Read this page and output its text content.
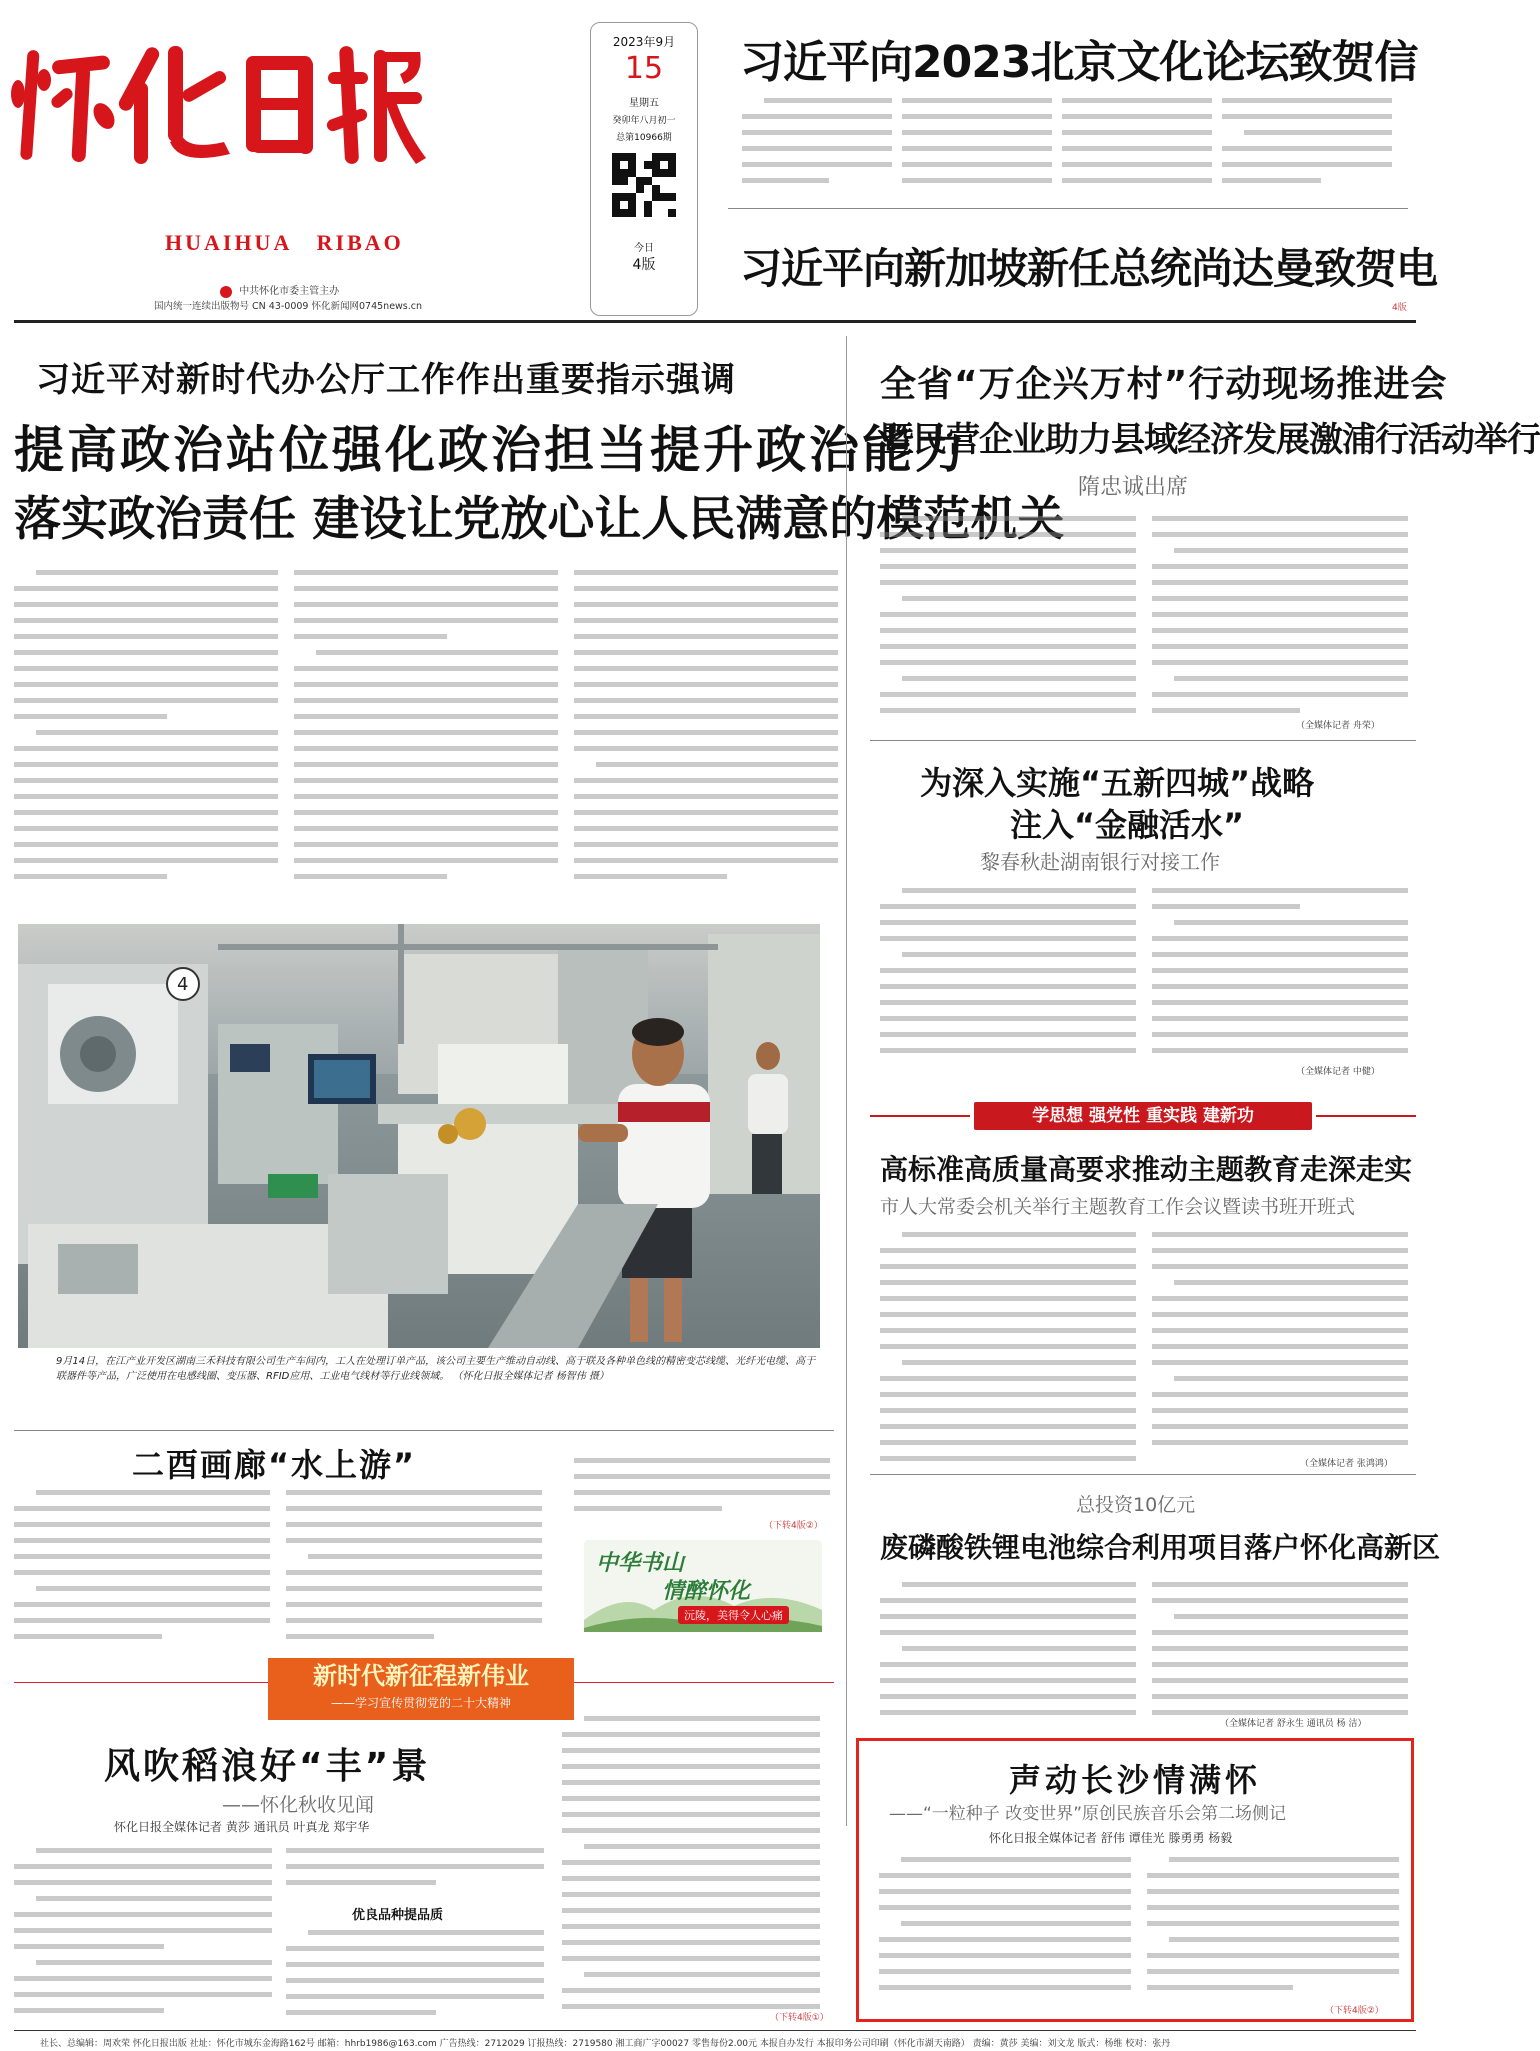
HUAIHUA   RIBAO
中共怀化市委主管主办
国内统一连续出版物号 CN 43-0009 怀化新闻网0745news.cn
2023年9月
15
星期五
癸卯年八月初一
总第10966期
今日
4版
习近平向2023北京文化论坛致贺信
习近平向新加坡新任总统尚达曼致贺电
4版
习近平对新时代办公厅工作作出重要指示强调
提高政治站位强化政治担当提升政治能力
落实政治责任 建设让党放心让人民满意的模范机关
4
9月14日，在江产业开发区湖南三禾科技有限公司生产车间内，工人在处理订单产品，该公司主要生产维动自动线、高于联及各种单色线的精密变芯线缆、光纤光电缆、高于联器件等产品，广泛使用在电感线圈、变压器、RFID应用、工业电气线材等行业线领域。 （怀化日报全媒体记者 杨智伟 摄）
全省“万企兴万村”行动现场推进会
暨民营企业助力县域经济发展激浦行活动举行
隋忠诚出席
（全媒体记者 舟荣）
为深入实施“五新四城”战略
注入“金融活水”
黎春秋赴湖南银行对接工作
（全媒体记者 中健）
学思想 强党性 重实践 建新功
高标准高质量高要求推动主题教育走深走实
市人大常委会机关举行主题教育工作会议暨读书班开班式
（全媒体记者 张鸿鸿）
二酉画廊“水上游”
（下转4版②）
中华书山
情醉怀化
沅陵，美得令人心痛
新时代新征程新伟业
——学习宣传贯彻党的二十大精神
风吹稻浪好“丰”景
——怀化秋收见闻
怀化日报全媒体记者 黄莎 通讯员 叶真龙 郑宇华
优良品种提品质
（下转4版①）
总投资10亿元
废磷酸铁锂电池综合利用项目落户怀化高新区
（全媒体记者 舒永生 通讯员 杨 洁）
声动长沙情满怀
——“一粒种子 改变世界”原创民族音乐会第二场侧记
怀化日报全媒体记者 舒伟 谭佳光 滕勇勇 杨毅
（下转4版②）
社长、总编辑：周欢荣 怀化日报出版 社址：怀化市城东金海路162号 邮箱：hhrb1986@163.com 广告热线：2712029 订报热线：2719580 湘工商广字00027 零售每份2.00元 本报自办发行 本报印务公司印刷（怀化市湖天南路） 责编：黄莎 美编：刘文龙 版式：杨维 校对：张丹
